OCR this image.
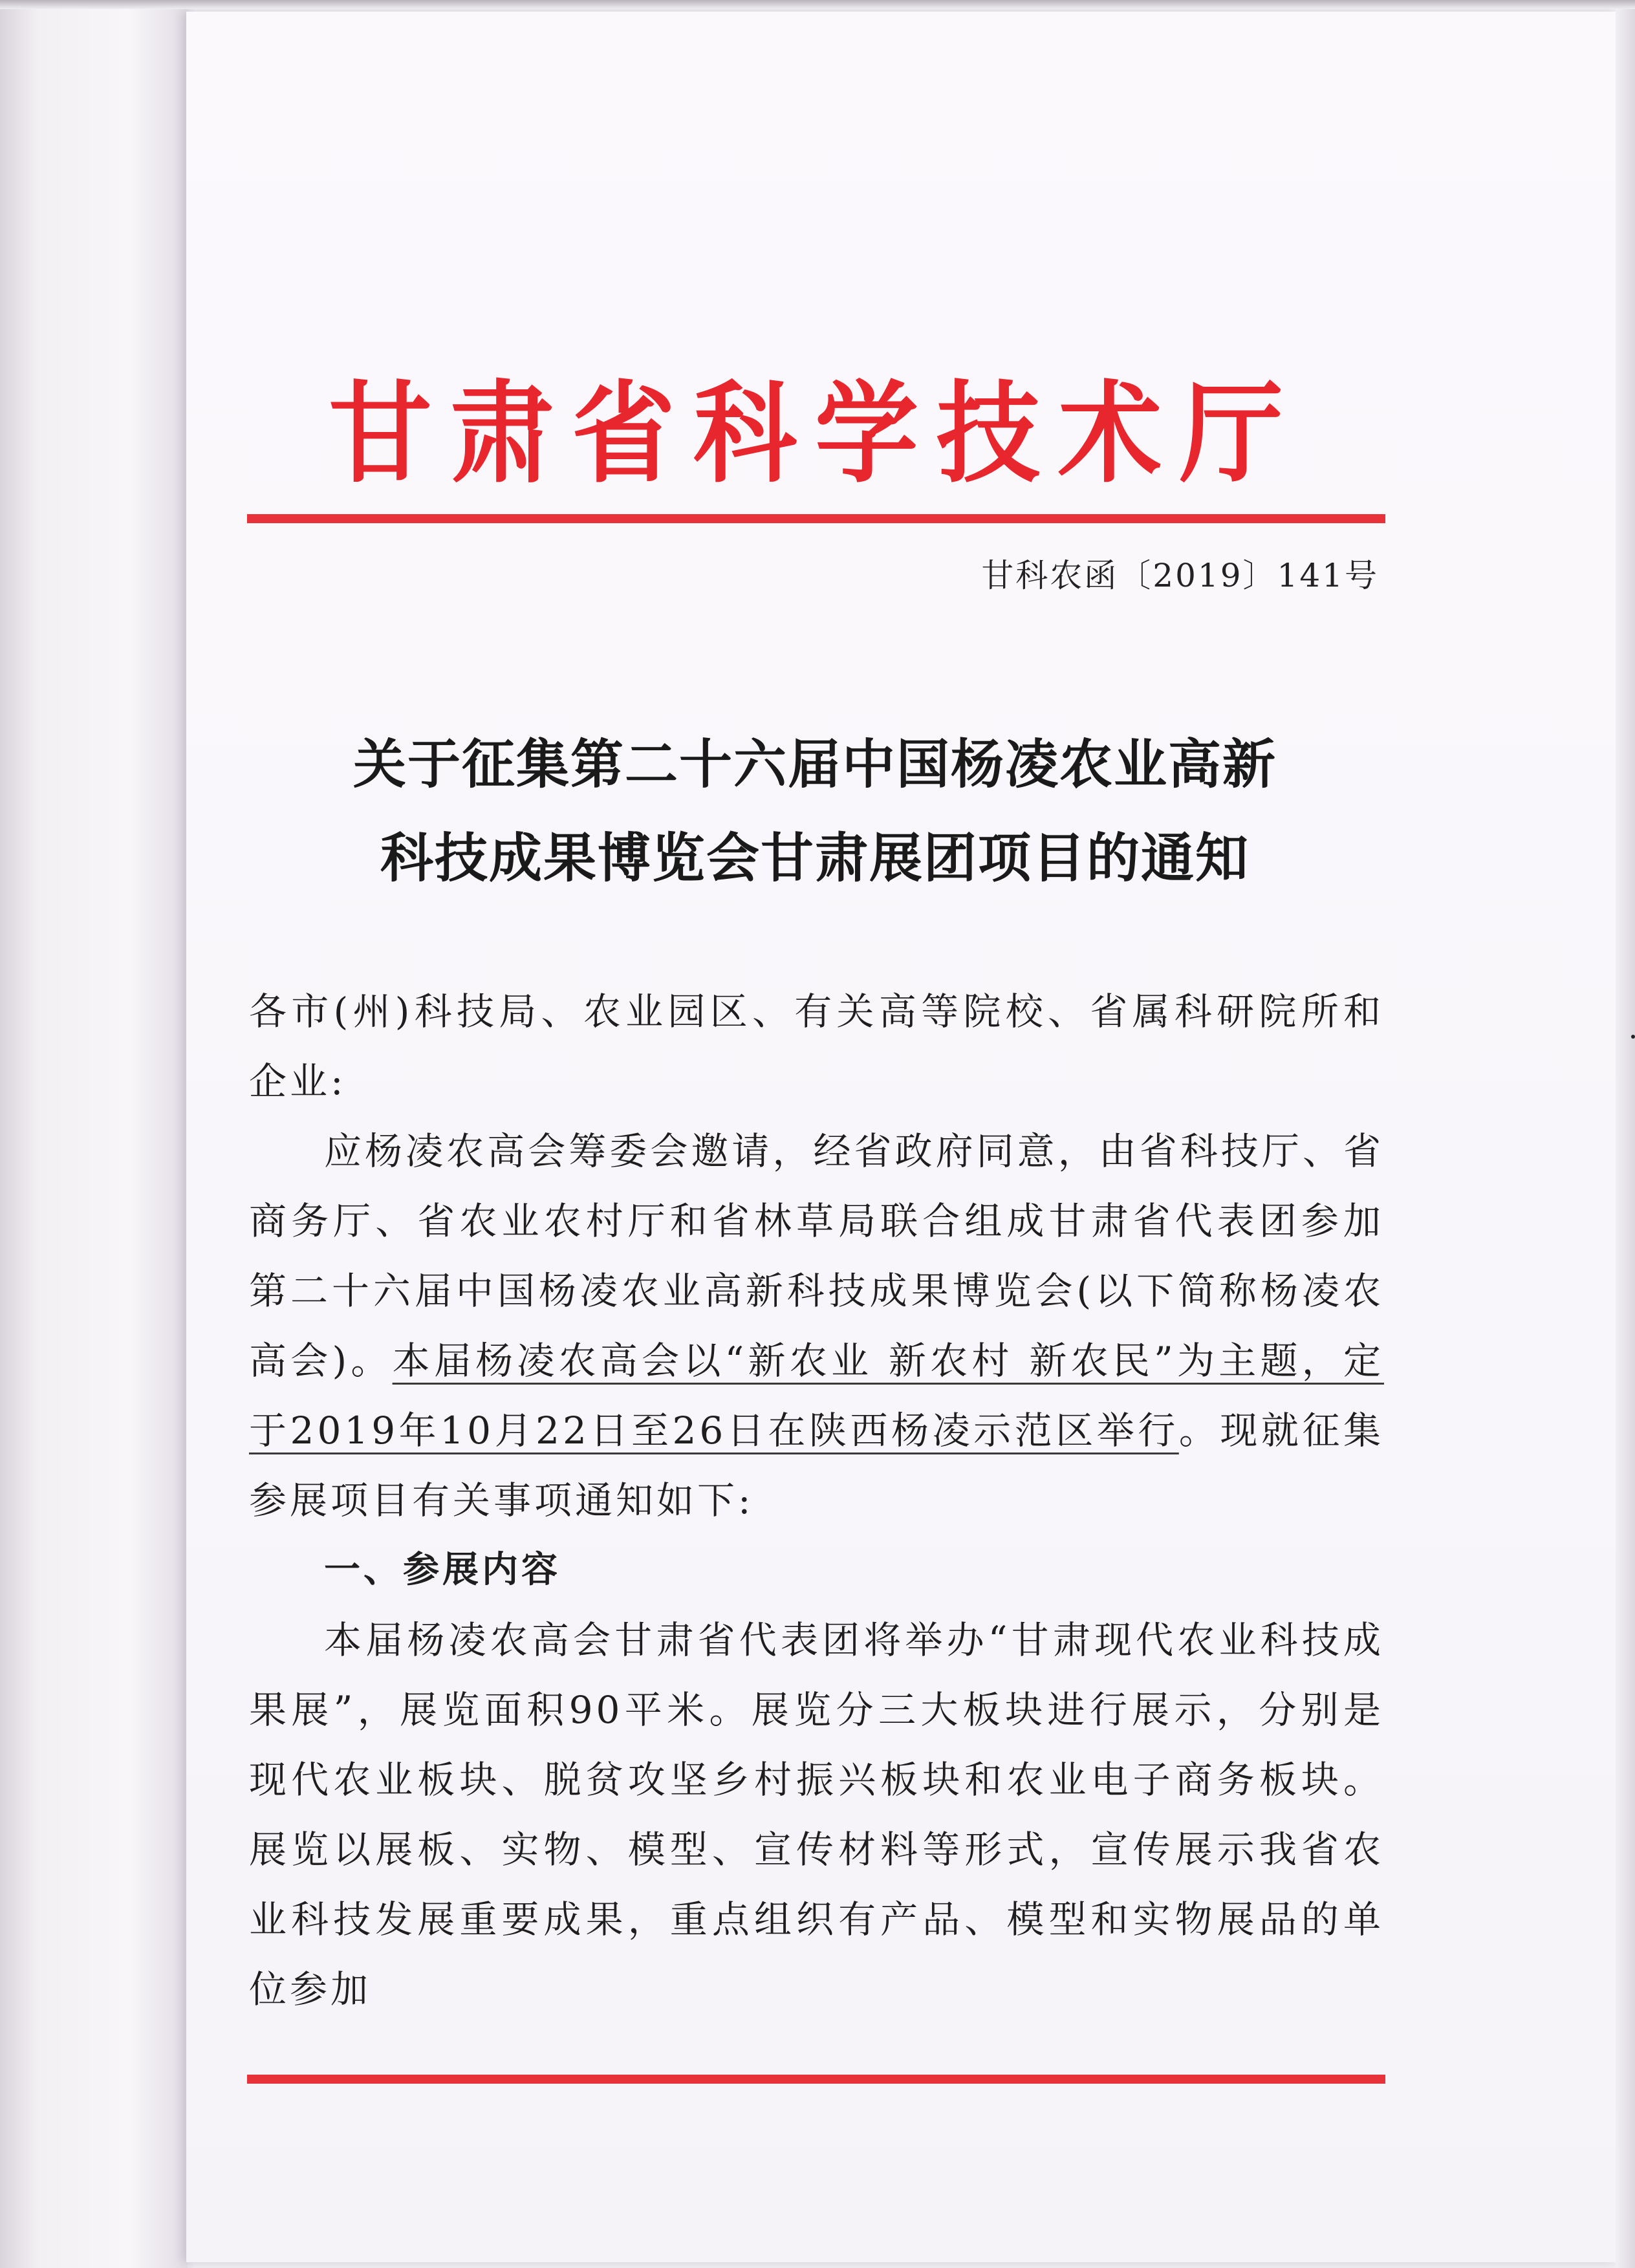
甘肃省科学技术厅
甘科农函〔2019〕141号
关于征集第二十六届中国杨凌农业高新
科技成果博览会甘肃展团项目的通知

各市(州)科技局、农业园区、有关高等院校、省属科研院所和企业:

应杨凌农高会筹委会邀请，经省政府同意，由省科技厅、省商务厅、省农业农村厅和省林草局联合组成甘肃省代表团参加第二十六届中国杨凌农业高新科技成果博览会(以下简称杨凌农高会)。本届杨凌农高会以“新农业 新农村 新农民”为主题，定于2019年10月22日至26日在陕西杨凌示范区举行。现就征集参展项目有关事项通知如下:

一、参展内容

本届杨凌农高会甘肃省代表团将举办“甘肃现代农业科技成果展”，展览面积90平米。展览分三大板块进行展示，分别是现代农业板块、脱贫攻坚乡村振兴板块和农业电子商务板块。展览以展板、实物、模型、宣传材料等形式，宣传展示我省农业科技发展重要成果，重点组织有产品、模型和实物展品的单位参加
